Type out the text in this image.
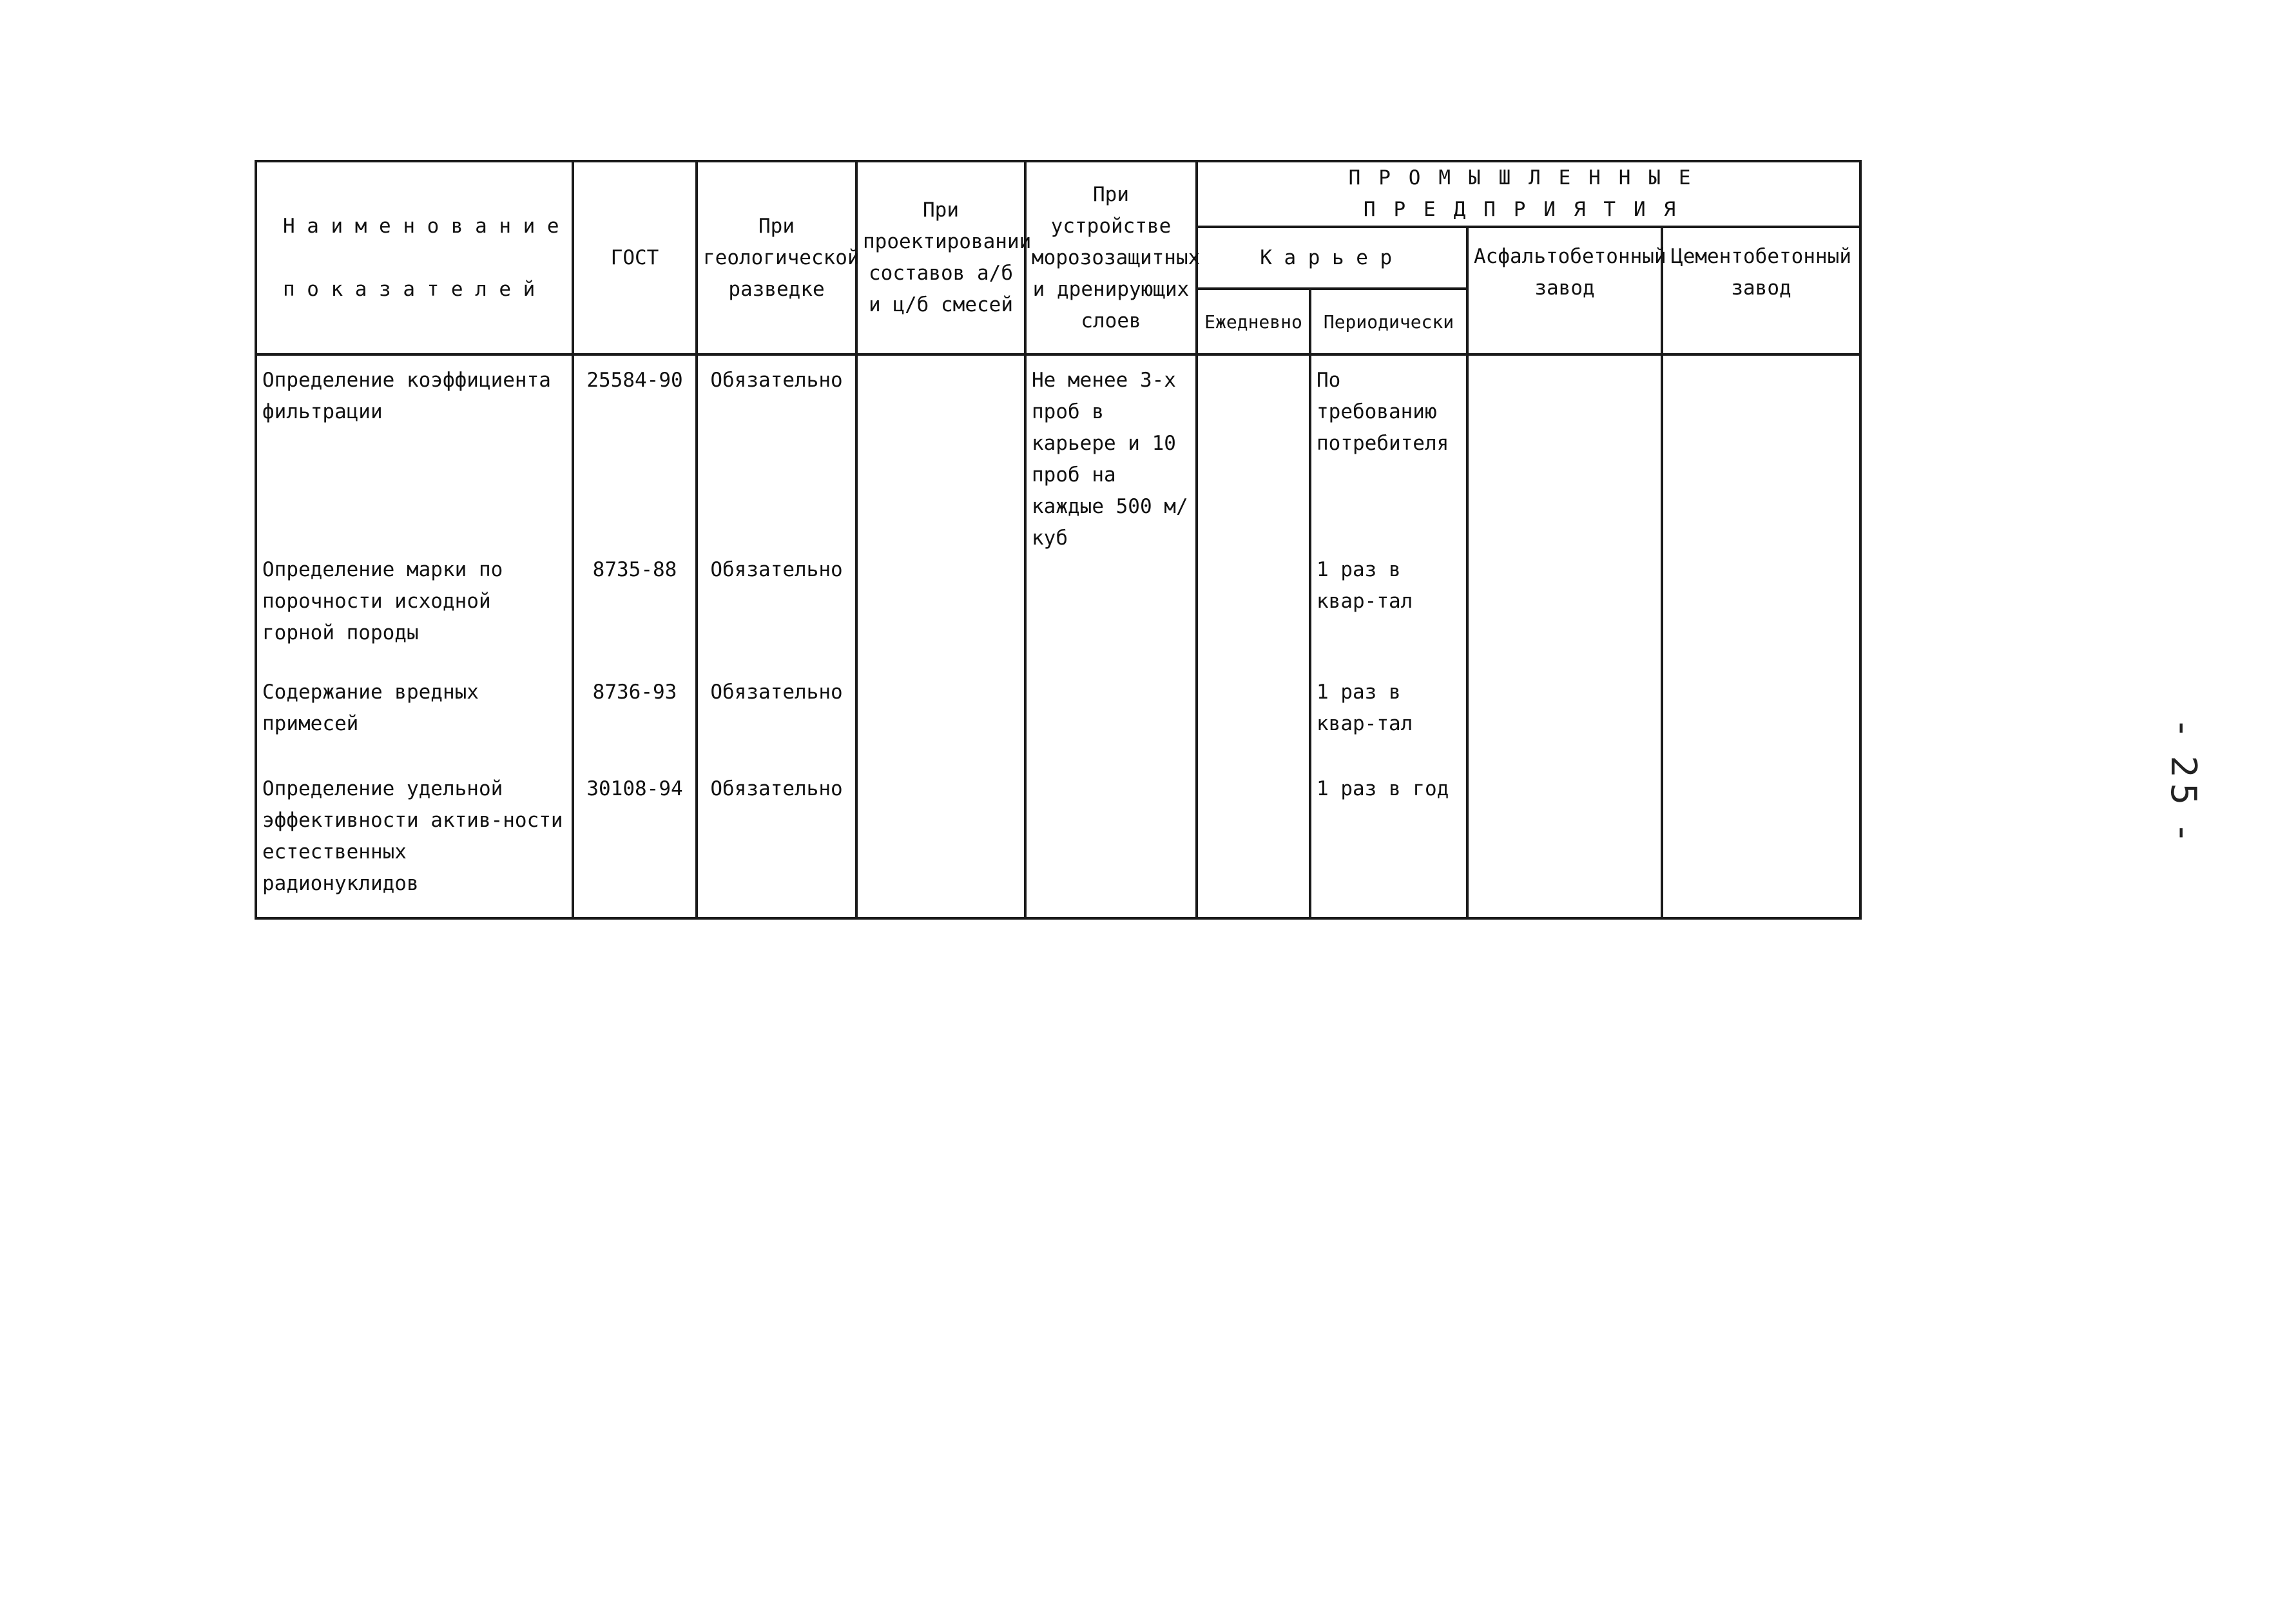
Наименование
показателей	ГОСТ	При геологической разведке	При проектировании составов а/б и ц/б смесей	При устройстве морозозащитных и дренирующих слоев	ПРОМЫШЛЕННЫЕ ПРЕДПРИЯТИЯ			
					Карьер		Асфальтобетонный завод	Цементобетонный завод
					Ежедневно	Периодически		
Определение коэффициента фильтрации	25584-90	Обязательно		Не менее 3-х проб в карьере и 10 проб на каждые 500 м/куб		По требованию потребителя		
Определение марки по порочности исходной горной породы	8735-88	Обязательно				1 раз в квар-тал		
Содержание вредных примесей	8736-93	Обязательно				1 раз в квар-тал		
Определение удельной эффективности актив-ности естественных радионуклидов	30108-94	Обязательно				1 раз в год			- 25 -
